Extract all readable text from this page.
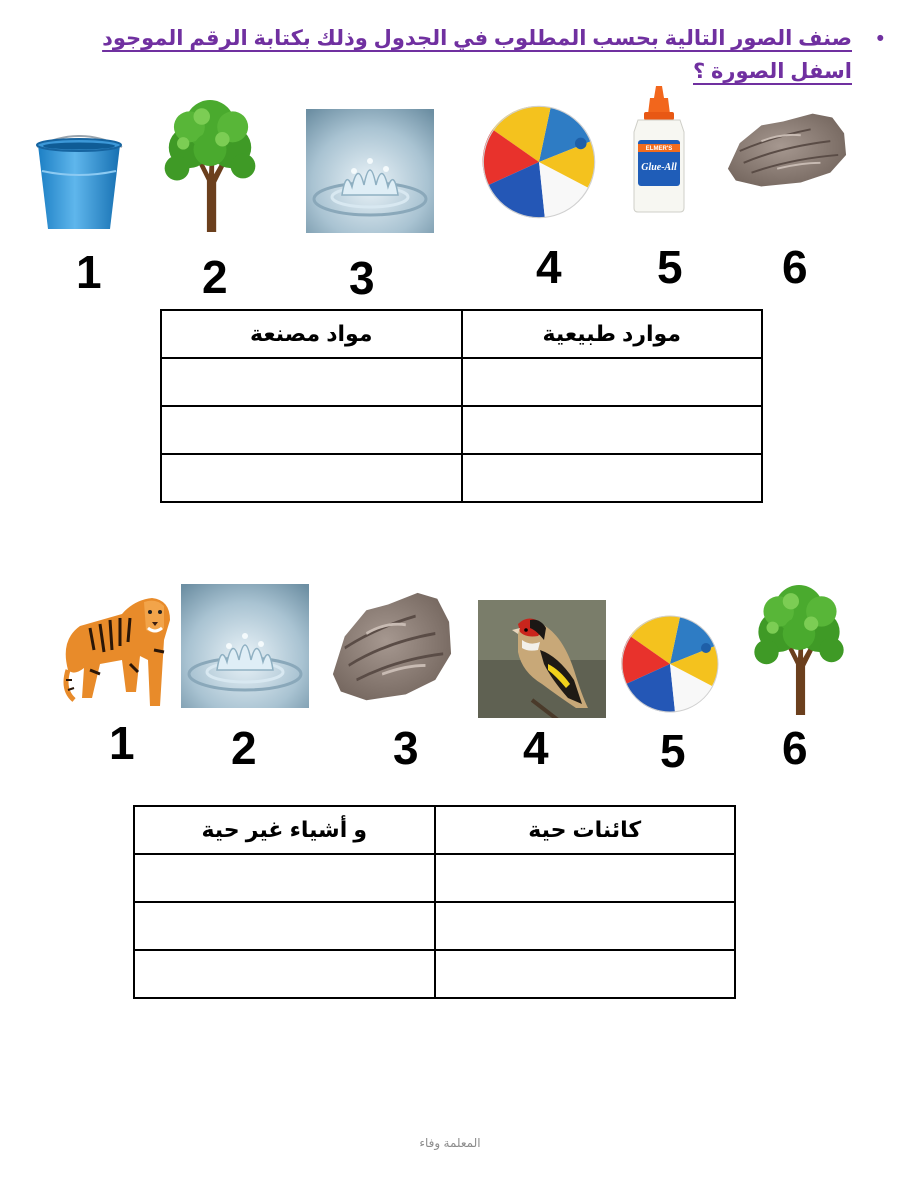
•
صنف الصور التالية بحسب المطلوب في الجدول وذلك بكتابة الرقم الموجود اسفل الصورة ؟
ELMER'S
Glue-All
1 2	3	4 5 6
موارد طبيعية	مواد مصنعة

1 2	3 4 5 6
كائنات حية	و أشياء غير حية

المعلمة وفاء
